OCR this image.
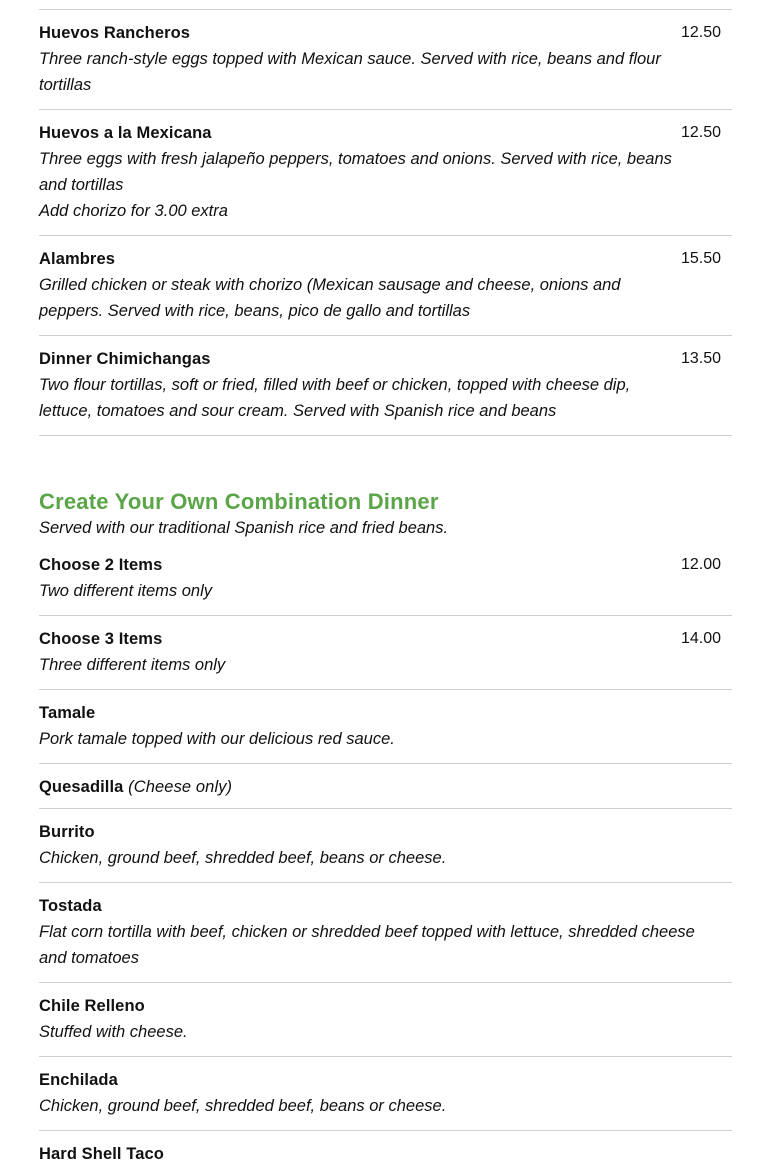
Huevos Rancheros	12.50
Three ranch-style eggs topped with Mexican sauce. Served with rice, beans and flour tortillas
Huevos a la Mexicana	12.50
Three eggs with fresh jalapeño peppers, tomatoes and onions. Served with rice, beans and tortillas
Add chorizo for 3.00 extra
Alambres	15.50
Grilled chicken or steak with chorizo (Mexican sausage and cheese, onions and peppers. Served with rice, beans, pico de gallo and tortillas
Dinner Chimichangas	13.50
Two flour tortillas, soft or fried, filled with beef or chicken, topped with cheese dip, lettuce, tomatoes and sour cream. Served with Spanish rice and beans
Create Your Own Combination Dinner
Served with our traditional Spanish rice and fried beans.
Choose 2 Items	12.00
Two different items only
Choose 3 Items	14.00
Three different items only
Tamale
Pork tamale topped with our delicious red sauce.
Quesadilla (Cheese only)
Burrito
Chicken, ground beef, shredded beef, beans or cheese.
Tostada
Flat corn tortilla with beef, chicken or shredded beef topped with lettuce, shredded cheese and tomatoes
Chile Relleno
Stuffed with cheese.
Enchilada
Chicken, ground beef, shredded beef, beans or cheese.
Hard Shell Taco
